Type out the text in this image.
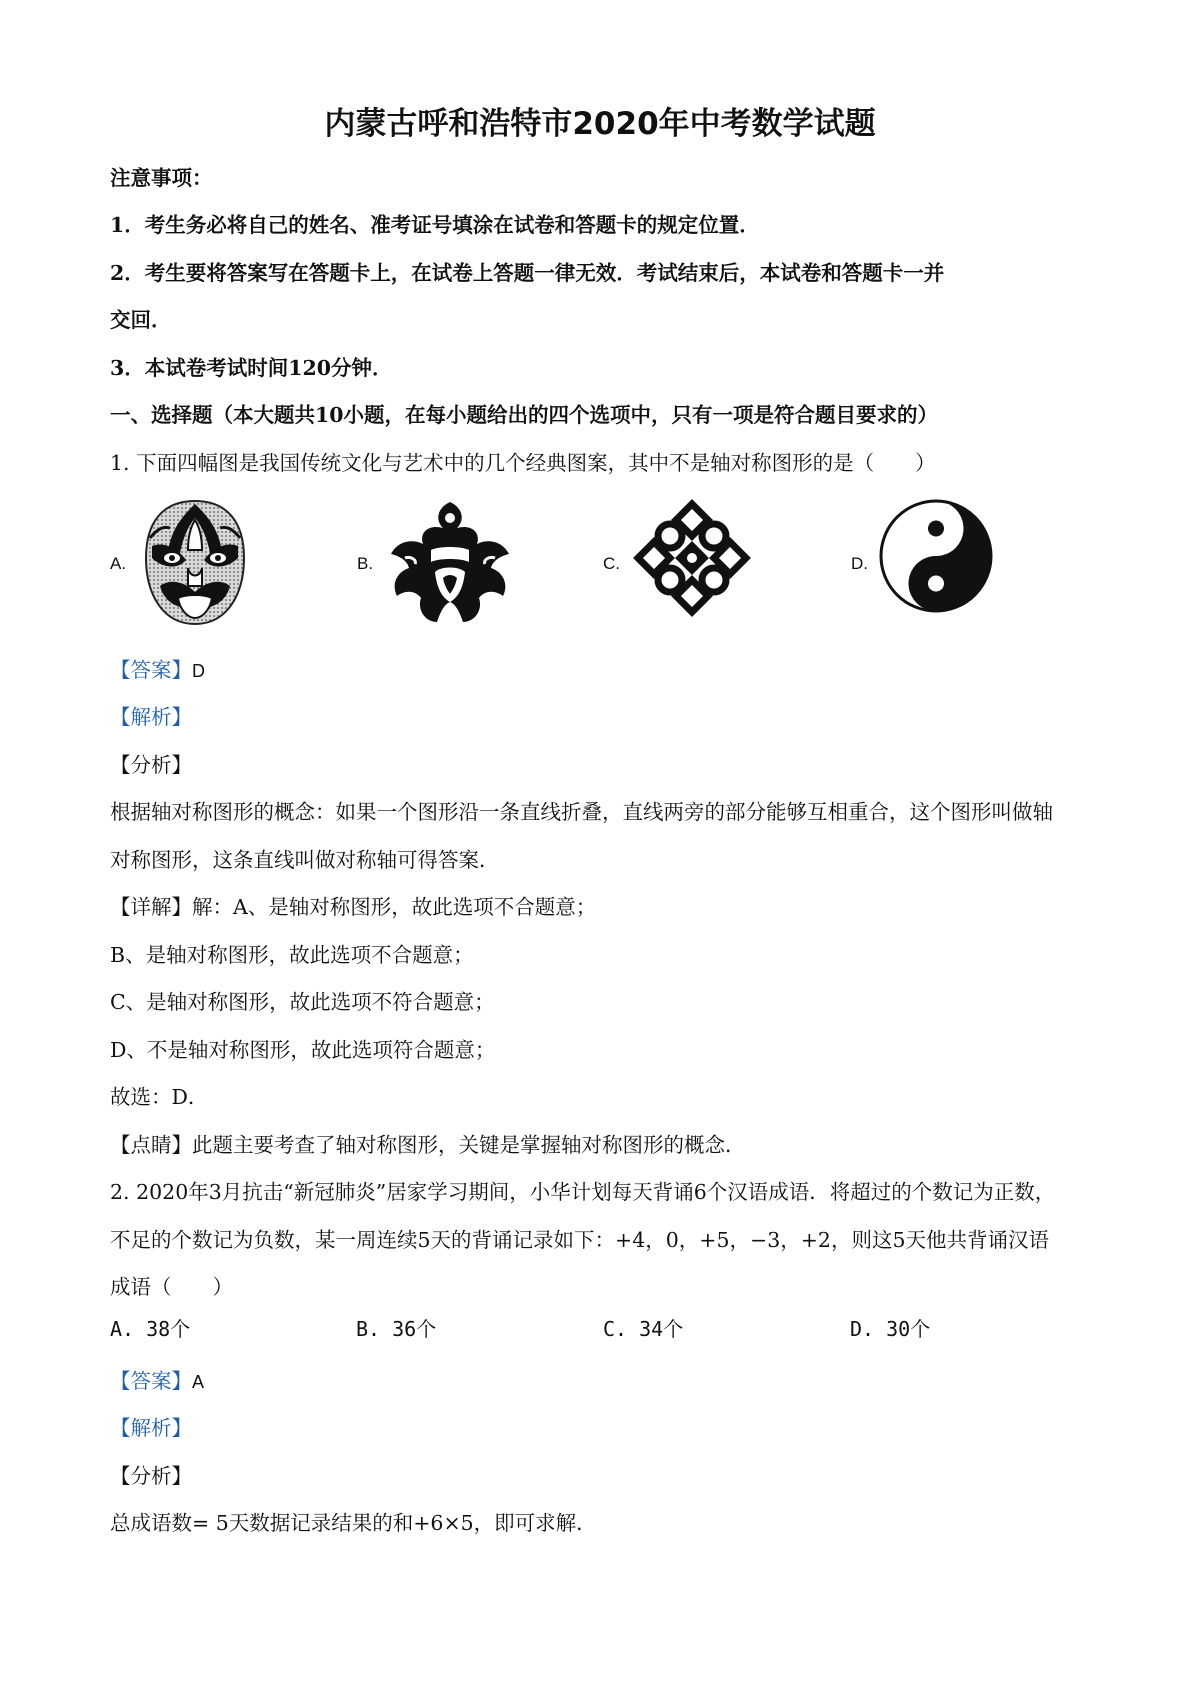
内蒙古呼和浩特市2020年中考数学试题
注意事项：
1．考生务必将自己的姓名、准考证号填涂在试卷和答题卡的规定位置．
2．考生要将答案写在答题卡上，在试卷上答题一律无效．考试结束后，本试卷和答题卡一并
交回．
3．本试卷考试时间120分钟．
一、选择题（本大题共10小题，在每小题给出的四个选项中，只有一项是符合题目要求的）
1. 下面四幅图是我国传统文化与艺术中的几个经典图案，其中不是轴对称图形的是（　　）
A.	B.	C.	D.
【答案】D
【解析】
【分析】
根据轴对称图形的概念：如果一个图形沿一条直线折叠，直线两旁的部分能够互相重合，这个图形叫做轴
对称图形，这条直线叫做对称轴可得答案．
【详解】解：A、是轴对称图形，故此选项不合题意；
B、是轴对称图形，故此选项不合题意；
C、是轴对称图形，故此选项不符合题意；
D、不是轴对称图形，故此选项符合题意；
故选：D．
【点睛】此题主要考查了轴对称图形，关键是掌握轴对称图形的概念．
2. 2020年3月抗击“新冠肺炎”居家学习期间，小华计划每天背诵6个汉语成语．将超过的个数记为正数，
不足的个数记为负数，某一周连续5天的背诵记录如下：+4，0，+5，−3，+2，则这5天他共背诵汉语
成语（　　）
A. 38个	B. 36个	C. 34个	D. 30个
【答案】A
【解析】
【分析】
总成语数= 5天数据记录结果的和+6×5，即可求解．
